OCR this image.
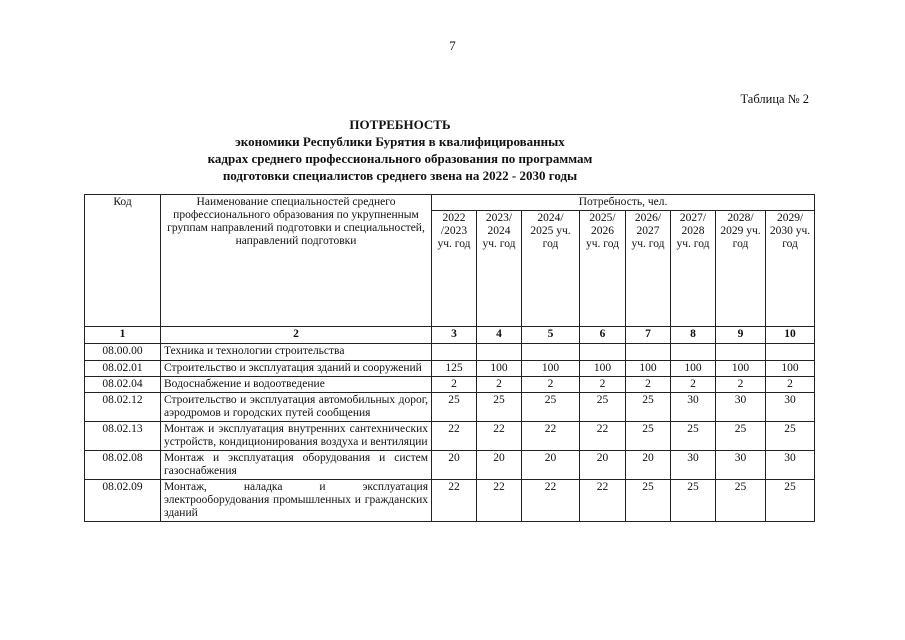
7
Таблица № 2
ПОТРЕБНОСТЬ
экономики Республики Бурятия в квалифицированных
кадрах среднего профессионального образования по программам
подготовки специалистов среднего звена на 2022 - 2030 годы
Код	Наименование специальностей среднего профессионального образования по укрупненным группам направлений подготовки и специальностей, направлений подготовки	Потребность, чел.							
		2022 /2023 уч. год	2023/ 2024 уч. год	2024/ 2025 уч. год	2025/ 2026 уч. год	2026/ 2027 уч. год	2027/ 2028 уч. год	2028/ 2029 уч. год	2029/ 2030 уч. год
1	2	3	4	5	6	7	8	9	10
08.00.00	Техника и технологии строительства								
08.02.01	Строительство и эксплуатация зданий и сооружений	125	100	100	100	100	100	100	100
08.02.04	Водоснабжение и водоотведение	2	2	2	2	2	2	2	2
08.02.12	Строительство и эксплуатация автомобильных дорог, аэродромов и городских путей сообщения	25	25	25	25	25	30	30	30
08.02.13	Монтаж и эксплуатация внутренних сантехнических устройств, кондиционирования воздуха и вентиляции	22	22	22	22	25	25	25	25
08.02.08	Монтаж и эксплуатация оборудования и систем газоснабжения	20	20	20	20	20	30	30	30
08.02.09	Монтаж, наладка и эксплуатация электрооборудования промышленных и гражданских зданий	22	22	22	22	25	25	25	25
